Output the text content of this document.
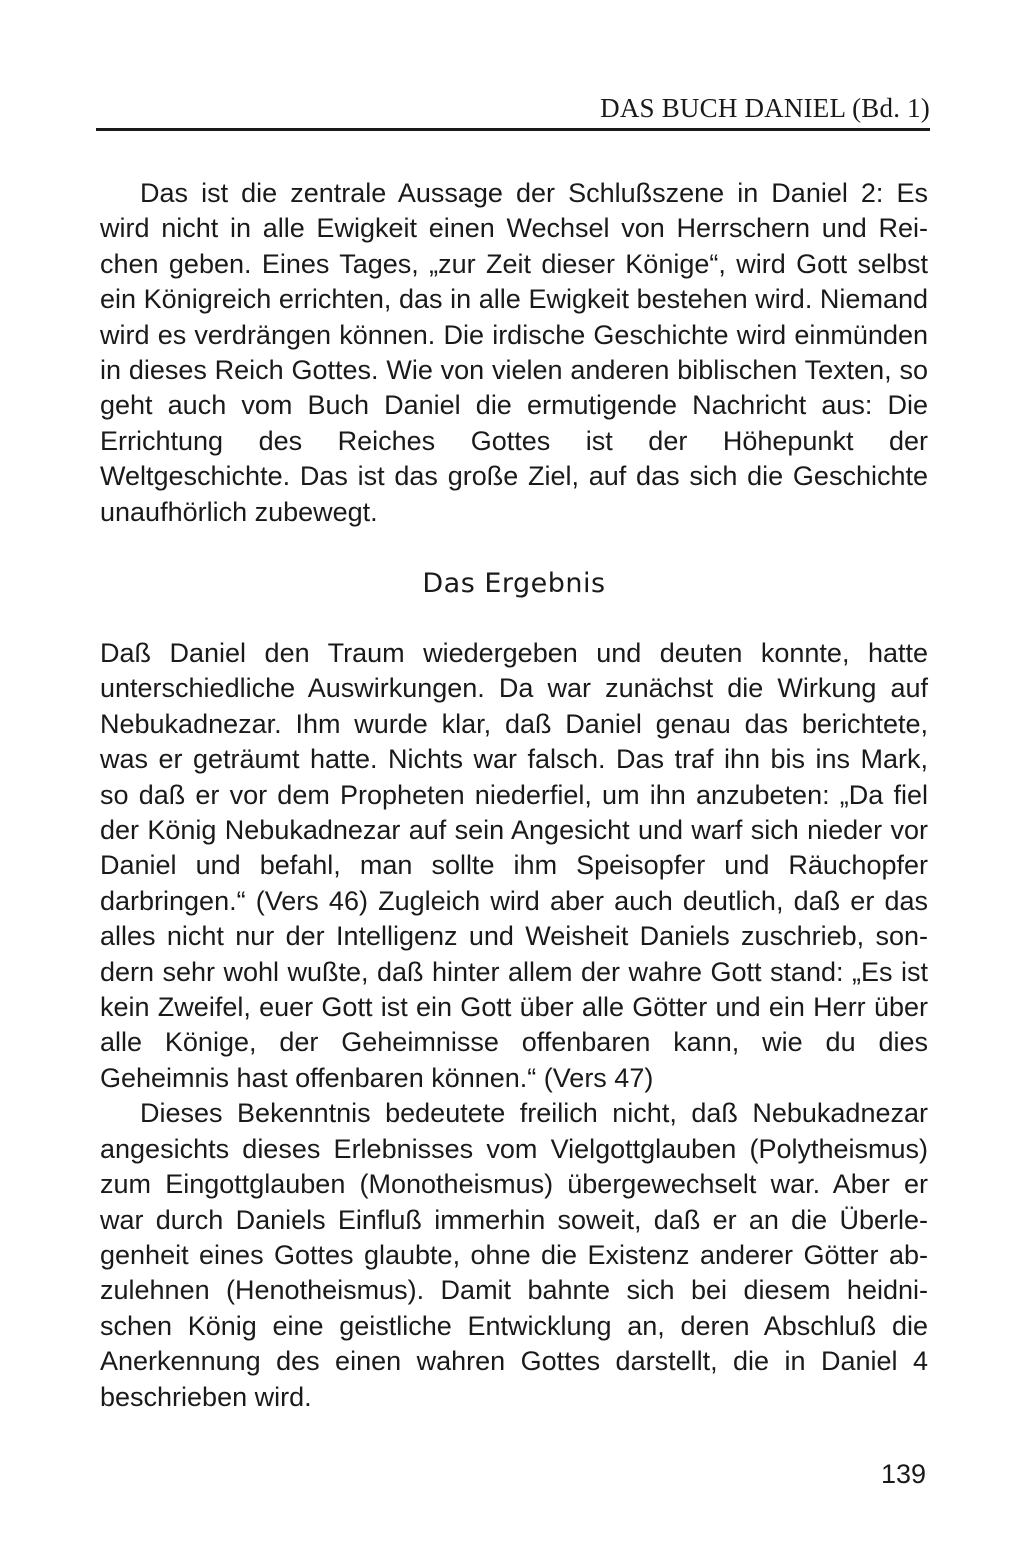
DAS BUCH DANIEL (Bd. 1)

Das ist die zentrale Aussage der Schlußszene in Daniel 2: Es wird nicht in alle Ewigkeit einen Wechsel von Herrschern und Reichen geben. Eines Tages, „zur Zeit dieser Könige“, wird Gott selbst ein Königreich errichten, das in alle Ewigkeit bestehen wird. Niemand wird es verdrängen können. Die irdische Geschichte wird einmünden in dieses Reich Gottes. Wie von vielen anderen biblischen Texten, so geht auch vom Buch Daniel die ermutigende Nachricht aus: Die Errichtung des Reiches Gottes ist der Höhepunkt der Weltgeschichte. Das ist das große Ziel, auf das sich die Geschichte unaufhörlich zubewegt.

Das Ergebnis

Daß Daniel den Traum wiedergeben und deuten konnte, hatte unterschiedliche Auswirkungen. Da war zunächst die Wirkung auf Nebukadnezar. Ihm wurde klar, daß Daniel genau das berichtete, was er geträumt hatte. Nichts war falsch. Das traf ihn bis ins Mark, so daß er vor dem Propheten niederfiel, um ihn anzubeten: „Da fiel der König Nebukadnezar auf sein Angesicht und warf sich nieder vor Daniel und befahl, man sollte ihm Speisopfer und Räuchopfer darbringen.“ (Vers 46) Zugleich wird aber auch deutlich, daß er das alles nicht nur der Intelligenz und Weisheit Daniels zuschrieb, sondern sehr wohl wußte, daß hinter allem der wahre Gott stand: „Es ist kein Zweifel, euer Gott ist ein Gott über alle Götter und ein Herr über alle Könige, der Geheimnisse offenbaren kann, wie du dies Geheimnis hast offenbaren können.“ (Vers 47)

Dieses Bekenntnis bedeutete freilich nicht, daß Nebukadnezar angesichts dieses Erlebnisses vom Vielgottglauben (Polytheismus) zum Eingottglauben (Monotheismus) übergewechselt war. Aber er war durch Daniels Einfluß immerhin soweit, daß er an die Überlegenheit eines Gottes glaubte, ohne die Existenz anderer Götter abzulehnen (Henotheismus). Damit bahnte sich bei diesem heidnischen König eine geistliche Entwicklung an, deren Abschluß die Anerkennung des einen wahren Gottes darstellt, die in Daniel 4 beschrieben wird.

139
